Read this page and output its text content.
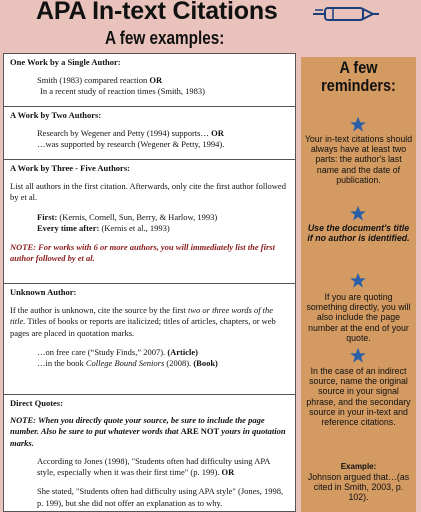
APA In-text Citations
A few examples:
One Work by a Single Author:
Smith (1983) compared reaction OR
In a recent study of reaction times (Smith, 1983)
A Work by Two Authors:
Research by Wegener and Petty (1994) supports… OR
…was supported by research (Wegener & Petty, 1994).
A Work by Three - Five Authors:
List all authors in the first citation. Afterwards, only cite the first author followed by et al.
First: (Kernis, Cornell, Sun, Berry, & Harlow, 1993)
Every time after: (Kernis et al., 1993)
NOTE: For works with 6 or more authors, you will immediately list the first author followed by et al.
Unknown Author:
If the author is unknown, cite the source by the first two or three words of the title. Titles of books or reports are italicized; titles of articles, chapters, or web pages are placed in quotation marks.
…on free care (“Study Finds,” 2007). (Article)
…in the book College Bound Seniors (2008). (Book)
Direct Quotes:
NOTE: When you directly quote your source, be sure to include the page number. Also be sure to put whatever words that ARE NOT yours in quotation marks.
According to Jones (1998), "Students often had difficulty using APA style, especially when it was their first time" (p. 199). OR
She stated, "Students often had difficulty using APA style" (Jones, 1998, p. 199), but she did not offer an explanation as to why.
A few reminders:
Your in-text citations should always have at least two parts: the author's last name and the date of publication.
Use the document's title if no author is identified.
If you are quoting something directly, you will also include the page number at the end of your quote.
In the case of an indirect source, name the original source in your signal phrase, and the secondary source in your in-text and reference citations.
Example:
Johnson argued that…(as cited in Smith, 2003, p. 102).
